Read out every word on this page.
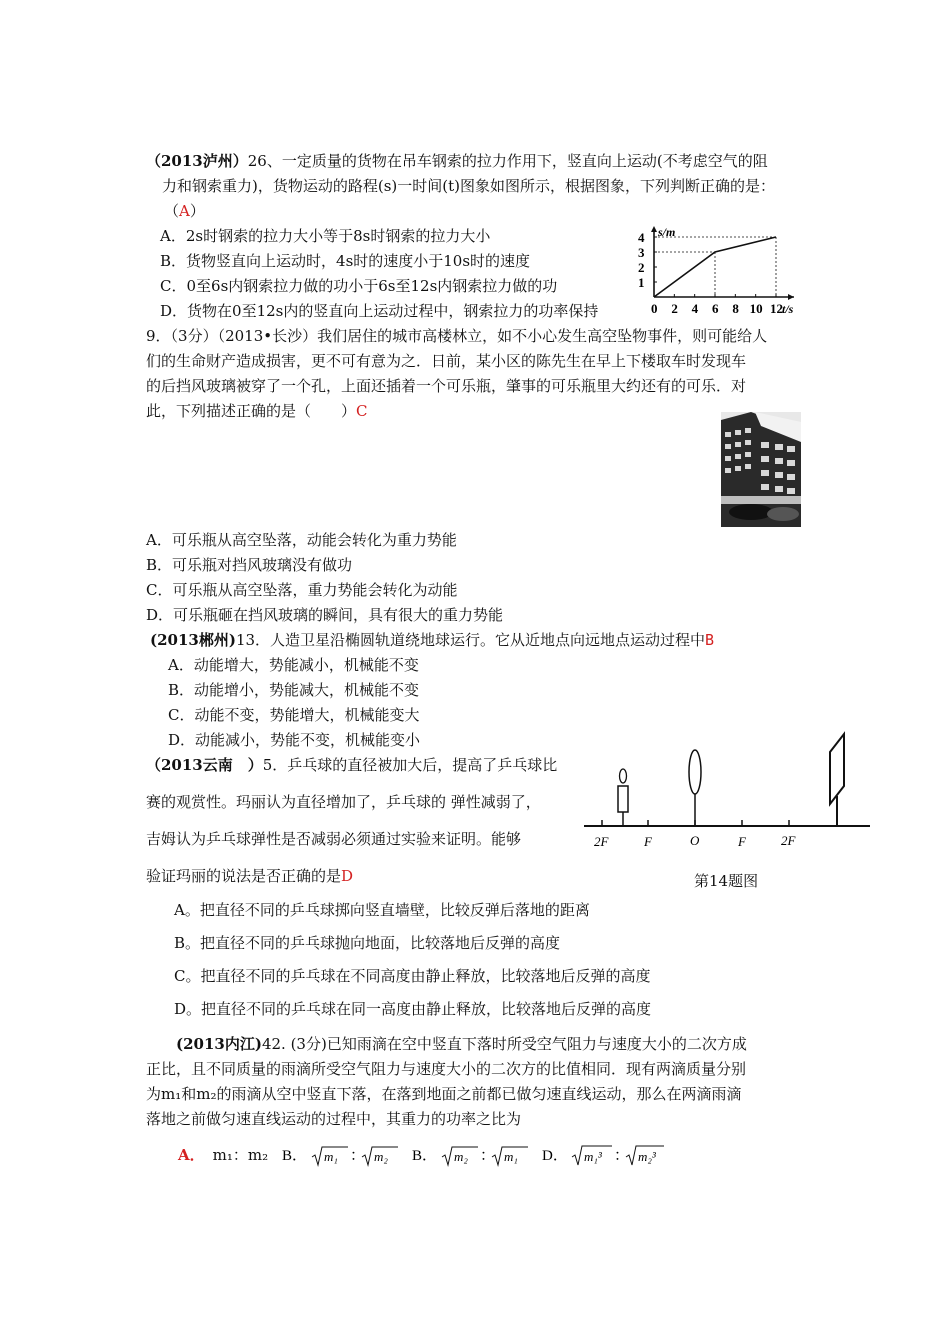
（2013泸州）26、一定质量的货物在吊车钢索的拉力作用下，竖直向上运动(不考虑空气的阻
力和钢索重力)，货物运动的路程(s)一时间(t)图象如图所示，根据图象，下列判断正确的是：
（A）
A．2s时钢索的拉力大小等于8s时钢索的拉力大小
B．货物竖直向上运动时，4s时的速度小于10s时的速度
C．0至6s内钢索拉力做的功小于6s至12s内钢索拉力做的功
D．货物在0至12s内的竖直向上运动过程中，钢索拉力的功率保持
s/m
t/s
0 2 4 6 8 10 12
1
2
3
4
9．（3分）（2013•长沙）我们居住的城市高楼林立，如不小心发生高空坠物事件，则可能给人
们的生命财产造成损害，更不可有意为之．日前，某小区的陈先生在早上下楼取车时发现车
的后挡风玻璃被穿了一个孔，上面还插着一个可乐瓶，肇事的可乐瓶里大约还有的可乐．对
此，下列描述正确的是（　　）C
A．可乐瓶从高空坠落，动能会转化为重力势能
B．可乐瓶对挡风玻璃没有做功
C．可乐瓶从高空坠落，重力势能会转化为动能
D．可乐瓶砸在挡风玻璃的瞬间，具有很大的重力势能
(2013郴州)13．人造卫星沿椭圆轨道绕地球运行。它从近地点向远地点运动过程中B
A．动能增大，势能减小，机械能不变
B．动能增小，势能减大，机械能不变
C．动能不变，势能增大，机械能变大
D．动能减小，势能不变，机械能变小
（2013云南　）5．乒乓球的直径被加大后，提高了乒乓球比
赛的观赏性。玛丽认为直径增加了，乒乓球的 弹性减弱了，
吉姆认为乒乓球弹性是否减弱必须通过实验来证明。能够
验证玛丽的说法是否正确的是D
2F	F	O	F	2F
第14题图
A。把直径不同的乒乓球掷向竖直墙壁，比较反弹后落地的距离
B。把直径不同的乒乓球抛向地面，比较落地后反弹的高度
C。把直径不同的乒乓球在不同高度由静止释放，比较落地后反弹的高度
D。把直径不同的乒乓球在同一高度由静止释放，比较落地后反弹的高度
(2013内江)42. (3分)已知雨滴在空中竖直下落时所受空气阻力与速度大小的二次方成
正比，且不同质量的雨滴所受空气阻力与速度大小的二次方的比值相同．现有两滴质量分别
为m₁和m₂的雨滴从空中竖直下落，在落到地面之前都已做匀速直线运动，那么在两滴雨滴
落地之前做匀速直线运动的过程中，其重力的功率之比为
A． m₁：m₂ B． m₁ ： m₂ B． m₂ ： m₁ D． m₁³ ： m₂³
